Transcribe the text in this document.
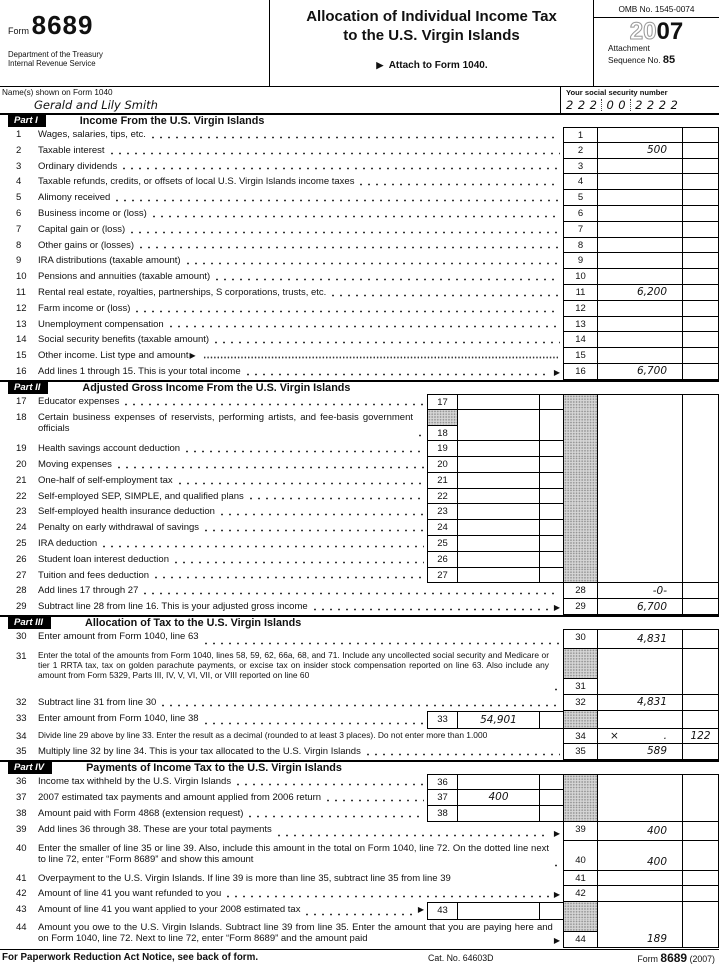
Form 8689
Department of the Treasury
Internal Revenue Service
Allocation of Individual Income Tax
to the U.S. Virgin Islands
▶ Attach to Form 1040.
OMB No. 1545-0074
2007
Attachment
Sequence No. 85
Name(s) shown on Form 1040
Gerald and Lily Smith
Your social security number
222 00 2222
Part I	Income From the U.S. Virgin Islands
1	Wages, salaries, tips, etc.	1
2	Taxable interest	2	500
3	Ordinary dividends	3
4	Taxable refunds, credits, or offsets of local U.S. Virgin Islands income taxes	4
5	Alimony received	5
6	Business income or (loss)	6
7	Capital gain or (loss)	7
8	Other gains or (losses)	8
9	IRA distributions (taxable amount)	9
10	Pensions and annuities (taxable amount)	10
11	Rental real estate, royalties, partnerships, S corporations, trusts, etc.	11	6,200
12	Farm income or (loss)	12
13	Unemployment compensation	13
14	Social security benefits (taxable amount)	14
15	Other income. List type and amount ▶	15
16	Add lines 1 through 15. This is your total income	▶	16	6,700
Part II	Adjusted Gross Income From the U.S. Virgin Islands
17	Educator expenses	17
18	Certain business expenses of reservists, performing artists, and fee-basis government officials	18
19	Health savings account deduction	19
20	Moving expenses	20
21	One-half of self-employment tax	21
22	Self-employed SEP, SIMPLE, and qualified plans	22
23	Self-employed health insurance deduction	23
24	Penalty on early withdrawal of savings	24
25	IRA deduction	25
26	Student loan interest deduction	26
27	Tuition and fees deduction	27
28	Add lines 17 through 27	28	-0-
29	Subtract line 28 from line 16. This is your adjusted gross income	▶	29	6,700
Part III	Allocation of Tax to the U.S. Virgin Islands
30	Enter amount from Form 1040, line 63	30	4,831
31	Enter the total of the amounts from Form 1040, lines 58, 59, 62, 66a, 68, and 71. Include any uncollected social security and Medicare or tier 1 RRTA tax, tax on golden parachute payments, or excise tax on insider stock compensation reported on line 63. Also include any amount from Form 5329, Parts III, IV, V, VI, VII, or VIII reported on line 60
31
32	Subtract line 31 from line 30	32	4,831
33	Enter amount from Form 1040, line 38	33	54,901
34	Divide line 29 above by line 33. Enter the result as a decimal (rounded to at least 3 places). Do not enter more than 1.000	34	×	. 122
35	Multiply line 32 by line 34. This is your tax allocated to the U.S. Virgin Islands	35	589
Part IV	Payments of Income Tax to the U.S. Virgin Islands
36	Income tax withheld by the U.S. Virgin Islands	36
37	2007 estimated tax payments and amount applied from 2006 return	37	400
38	Amount paid with Form 4868 (extension request)	38
39	Add lines 36 through 38. These are your total payments	▶	39	400
40	Enter the smaller of line 35 or line 39. Also, include this amount in the total on Form 1040, line 72. On the dotted line next to line 72, enter “Form 8689” and show this amount	40	400
41	Overpayment to the U.S. Virgin Islands. If line 39 is more than line 35, subtract line 35 from line 39	41
42	Amount of line 41 you want refunded to you	▶	42
43	Amount of line 41 you want applied to your 2008 estimated tax	▶	43
44	Amount you owe to the U.S. Virgin Islands. Subtract line 39 from line 35. Enter the amount that you are paying here and on Form 1040, line 72. Next to line 72, enter “Form 8689” and the amount paid	▶	44	189
For Paperwork Reduction Act Notice, see back of form.	Cat. No. 64603D	Form 8689 (2007)
